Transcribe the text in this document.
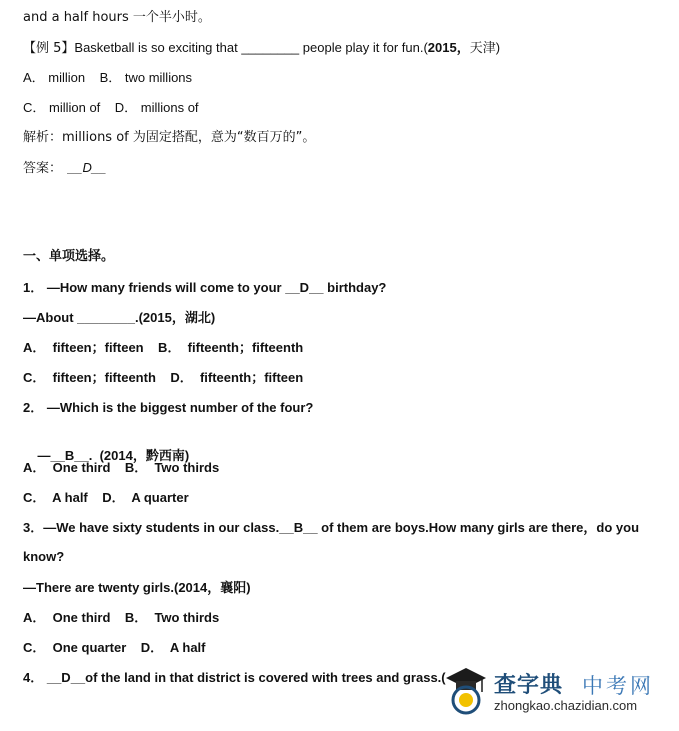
and a half hours 一个半小时。
【例 5】Basketball is so exciting that ________ people play it for fun.(2015，天津)
A． million    B． two millions
C． million of    D． millions of
解析：millions of 为固定搭配，意为“数百万的”。
答案： __D__
一、单项选择。
1． —How many friends will come to your __D__ birthday?
—About ________.(2015，湖北)
A．  fifteen；fifteen    B．  fifteenth；fifteenth
C．  fifteen；fifteenth    D．  fifteenth；fifteen
2． —Which is the biggest number of the four?

—__B__.  (2014，黔西南)

A．  One third    B．  Two thirds
C．  A half    D．  A quarter
3．—We have sixty students in our class.__B__ of them are boys.How many girls are there，do you
know?
—There are twenty girls.(2014，襄阳)
A．  One third    B．  Two thirds
C．  One quarter    D．  A half
4． __D__of the land in that district is covered with trees and grass.( 查字典 中考网
zhongkao.chazidian.com
